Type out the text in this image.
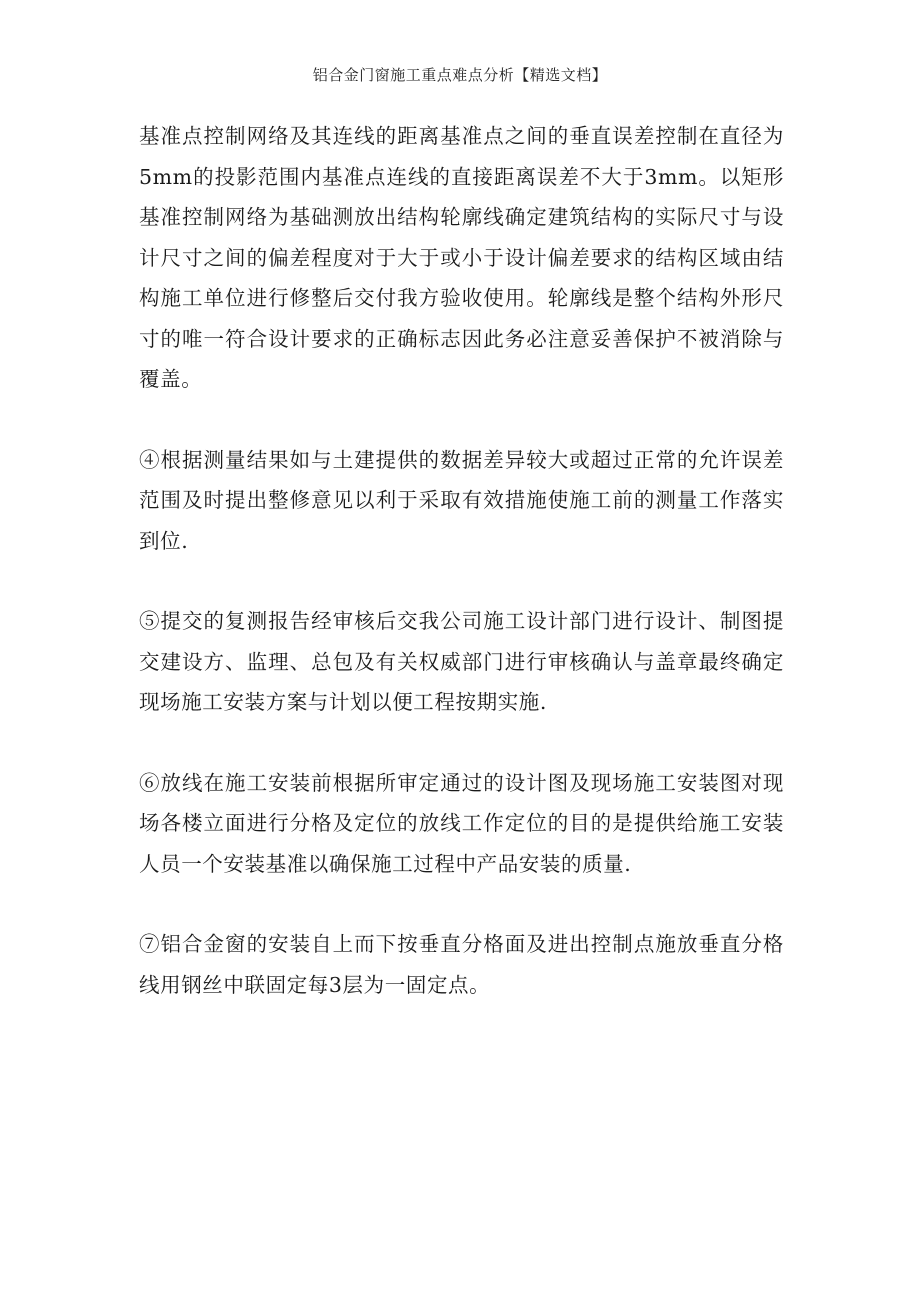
铝合金门窗施工重点难点分析【精选文档】

基准点控制网络及其连线的距离基准点之间的垂直误差控制在直径为5mm的投影范围内基准点连线的直接距离误差不大于3mm。以矩形基准控制网络为基础测放出结构轮廓线确定建筑结构的实际尺寸与设计尺寸之间的偏差程度对于大于或小于设计偏差要求的结构区域由结构施工单位进行修整后交付我方验收使用。轮廓线是整个结构外形尺寸的唯一符合设计要求的正确标志因此务必注意妥善保护不被消除与覆盖。

④根据测量结果如与土建提供的数据差异较大或超过正常的允许误差范围及时提出整修意见以利于采取有效措施使施工前的测量工作落实到位.

⑤提交的复测报告经审核后交我公司施工设计部门进行设计、制图提交建设方、监理、总包及有关权威部门进行审核确认与盖章最终确定现场施工安装方案与计划以便工程按期实施.

⑥放线在施工安装前根据所审定通过的设计图及现场施工安装图对现场各楼立面进行分格及定位的放线工作定位的目的是提供给施工安装人员一个安装基准以确保施工过程中产品安装的质量.

⑦铝合金窗的安装自上而下按垂直分格面及进出控制点施放垂直分格线用钢丝中联固定每3层为一固定点。
